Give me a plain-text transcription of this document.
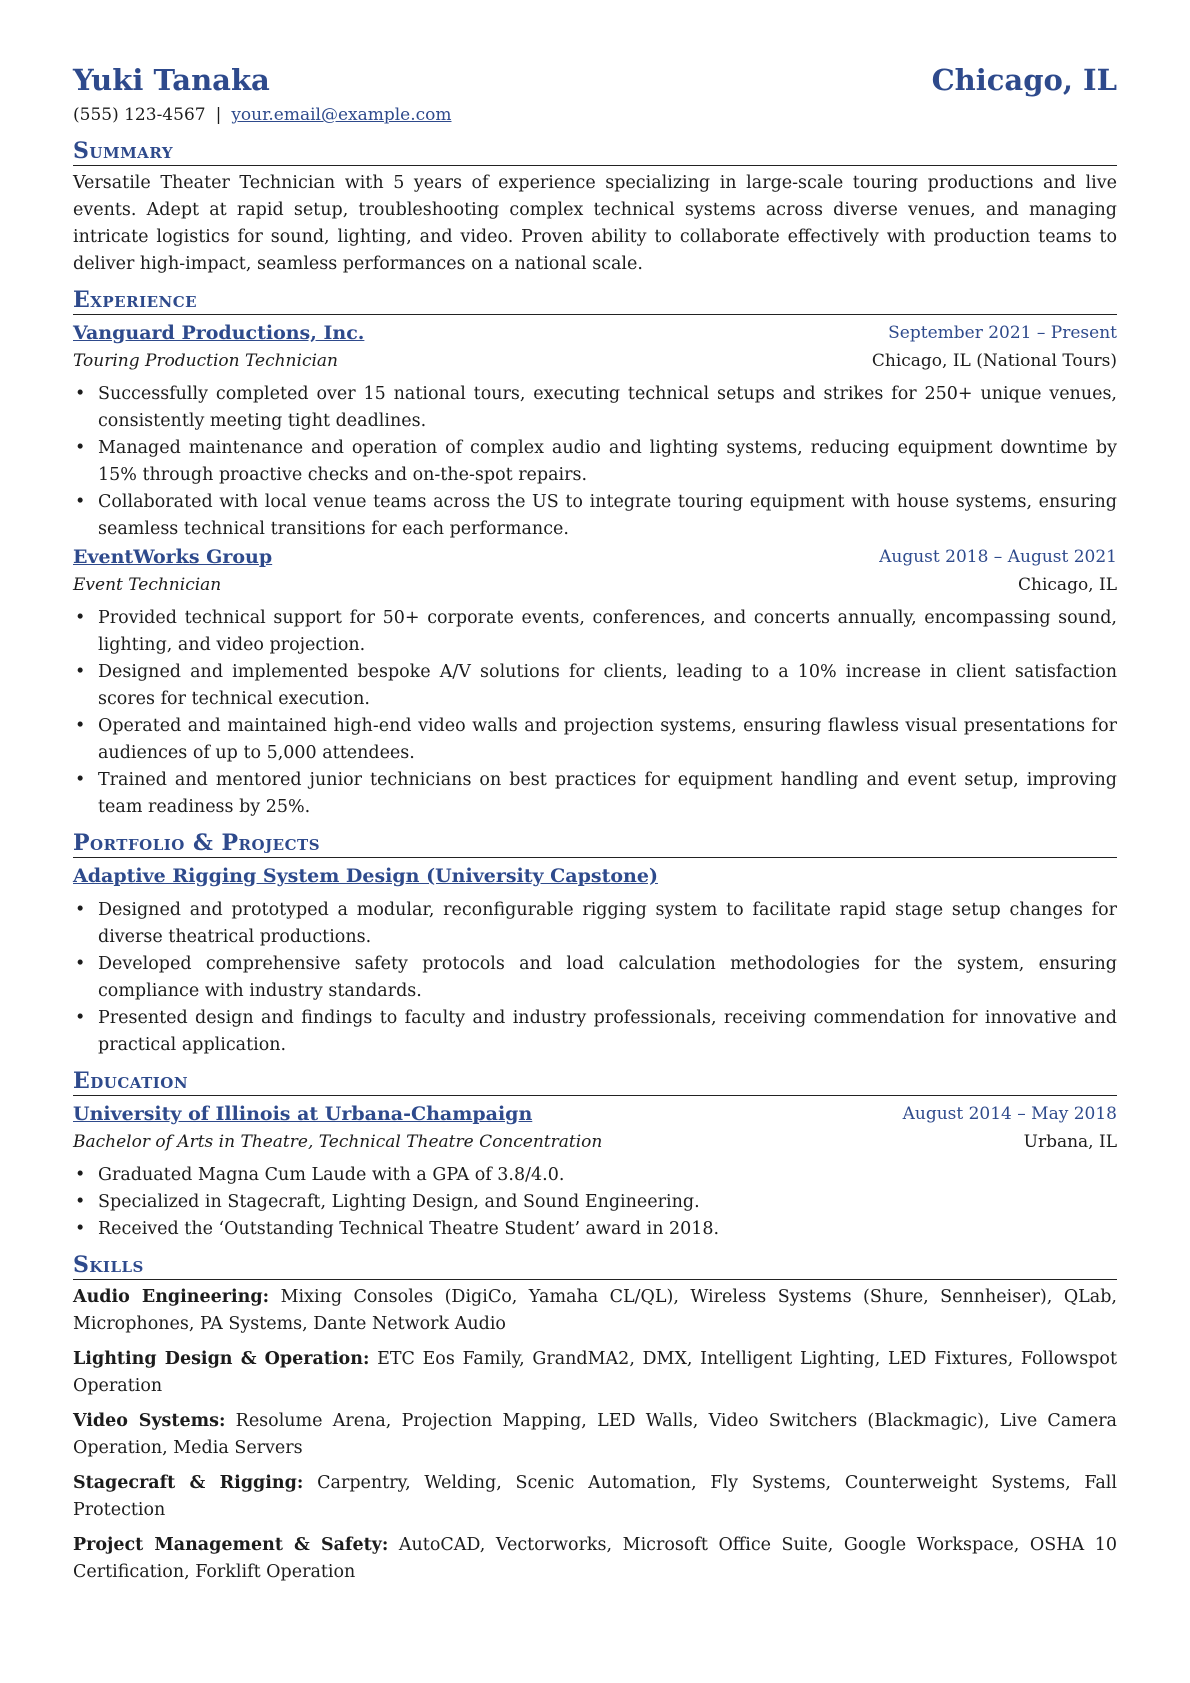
Yuki Tanaka	Chicago, IL
(555) 123-4567 | your.email@example.com
Summary
Versatile Theater Technician with 5 years of experience specializing in large-scale touring productions and live events. Adept at rapid setup, troubleshooting complex technical systems across diverse venues, and managing intricate logistics for sound, lighting, and video. Proven ability to collaborate effectively with production teams to deliver high-impact, seamless performances on a national scale.
Experience
Vanguard Productions, Inc.	September 2021 – Present
Touring Production Technician	Chicago, IL (National Tours)
• Successfully completed over 15 national tours, executing technical setups and strikes for 250+ unique venues, consistently meeting tight deadlines.
• Managed maintenance and operation of complex audio and lighting systems, reducing equipment downtime by 15% through proactive checks and on-the-spot repairs.
• Collaborated with local venue teams across the US to integrate touring equipment with house systems, ensuring seamless technical transitions for each performance.
EventWorks Group	August 2018 – August 2021
Event Technician	Chicago, IL
• Provided technical support for 50+ corporate events, conferences, and concerts annually, encompassing sound, lighting, and video projection.
• Designed and implemented bespoke A/V solutions for clients, leading to a 10% increase in client satisfaction scores for technical execution.
• Operated and maintained high-end video walls and projection systems, ensuring flawless visual presentations for audiences of up to 5,000 attendees.
• Trained and mentored junior technicians on best practices for equipment handling and event setup, improving team readiness by 25%.
Portfolio & Projects
Adaptive Rigging System Design (University Capstone)
• Designed and prototyped a modular, reconfigurable rigging system to facilitate rapid stage setup changes for diverse theatrical productions.
• Developed comprehensive safety protocols and load calculation methodologies for the system, ensuring compliance with industry standards.
• Presented design and findings to faculty and industry professionals, receiving commendation for innovative and practical application.
Education
University of Illinois at Urbana-Champaign	August 2014 – May 2018
Bachelor of Arts in Theatre, Technical Theatre Concentration	Urbana, IL
• Graduated Magna Cum Laude with a GPA of 3.8/4.0.
• Specialized in Stagecraft, Lighting Design, and Sound Engineering.
• Received the ‘Outstanding Technical Theatre Student’ award in 2018.
Skills
Audio Engineering: Mixing Consoles (DigiCo, Yamaha CL/QL), Wireless Systems (Shure, Sennheiser), QLab, Microphones, PA Systems, Dante Network Audio
Lighting Design & Operation: ETC Eos Family, GrandMA2, DMX, Intelligent Lighting, LED Fixtures, Followspot Operation
Video Systems: Resolume Arena, Projection Mapping, LED Walls, Video Switchers (Blackmagic), Live Camera Operation, Media Servers
Stagecraft & Rigging: Carpentry, Welding, Scenic Automation, Fly Systems, Counterweight Systems, Fall Protection
Project Management & Safety: AutoCAD, Vectorworks, Microsoft Office Suite, Google Workspace, OSHA 10 Certification, Forklift Operation
